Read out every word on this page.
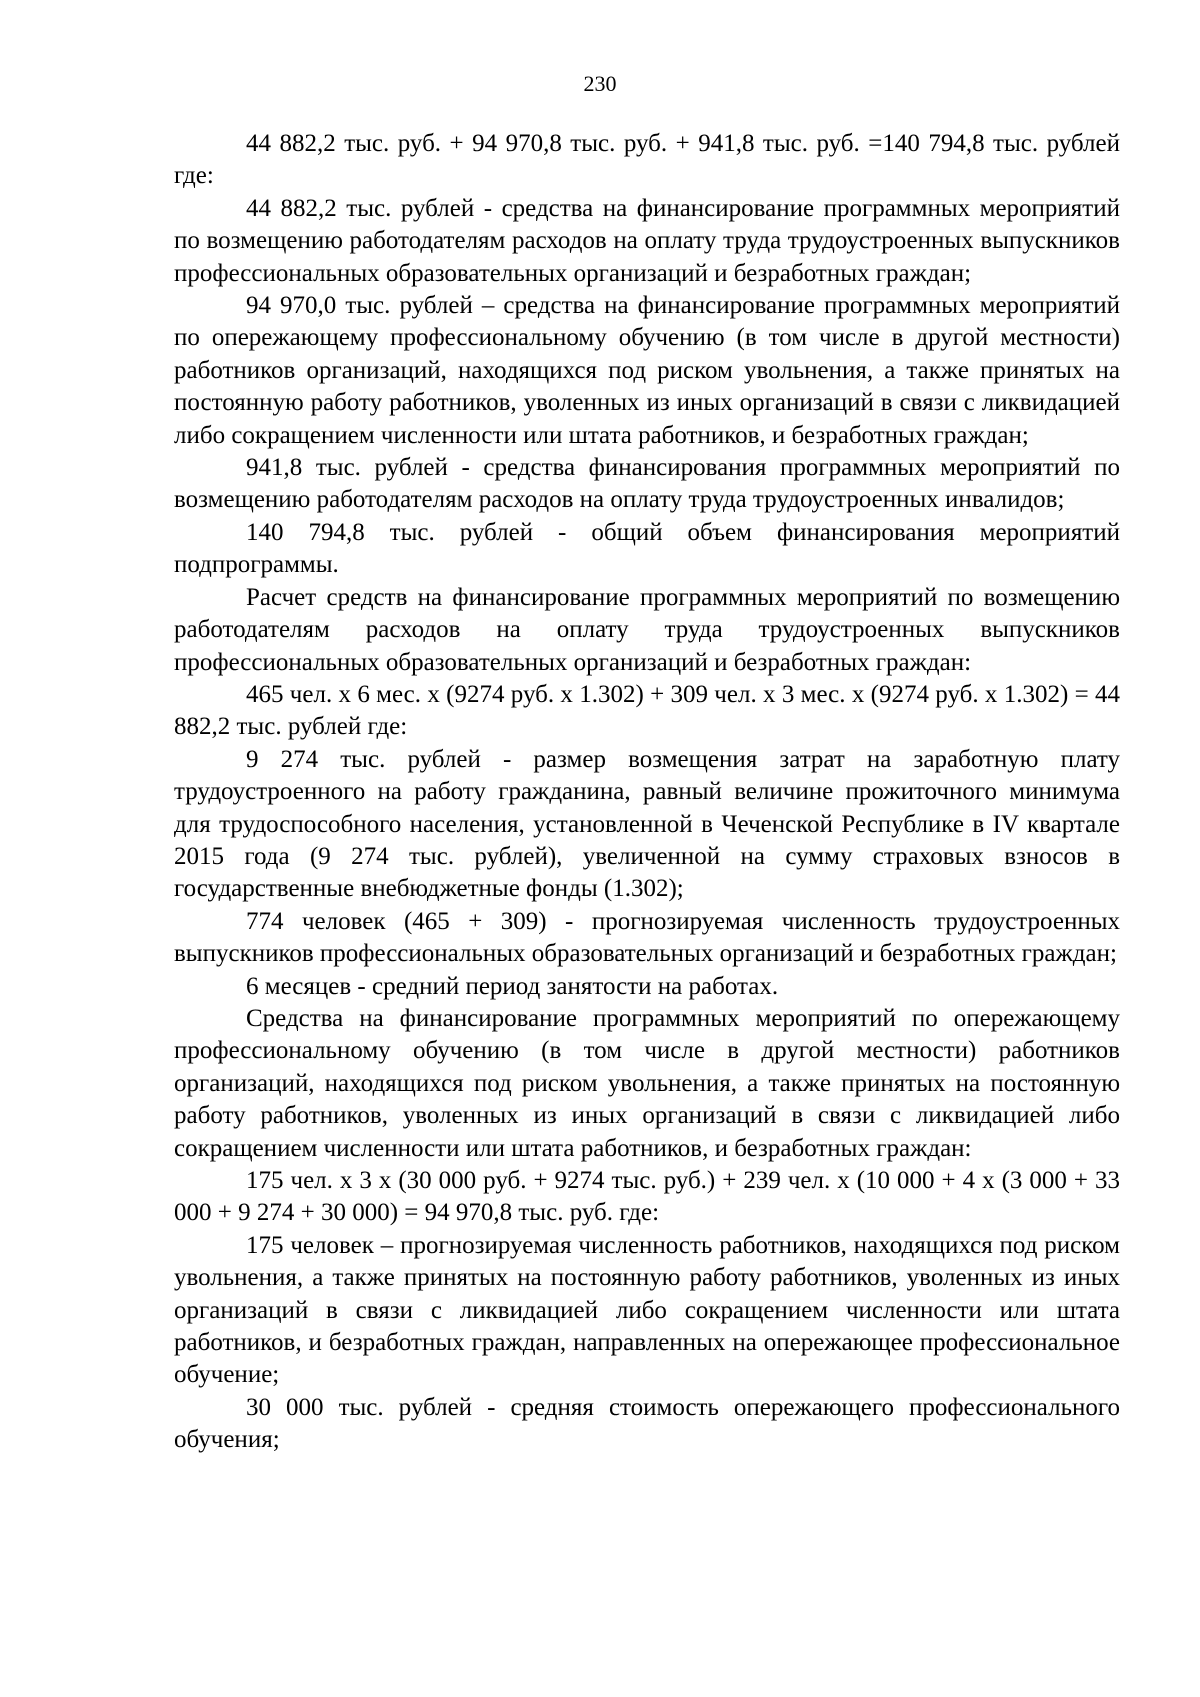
230

44 882,2 тыс. руб. + 94 970,8 тыс. руб. + 941,8 тыс. руб. =140 794,8 тыс. рублей где:

44 882,2 тыс. рублей - средства на финансирование программных мероприятий по возмещению работодателям расходов на оплату труда трудоустроенных выпускников профессиональных образовательных организаций и безработных граждан;

94 970,0 тыс. рублей – средства на финансирование программных мероприятий по опережающему профессиональному обучению (в том числе в другой местности) работников организаций, находящихся под риском увольнения, а также принятых на постоянную работу работников, уволенных из иных организаций в связи с ликвидацией либо сокращением численности или штата работников, и безработных граждан;

941,8 тыс. рублей - средства финансирования программных мероприятий по возмещению работодателям расходов на оплату труда трудоустроенных инвалидов;

140 794,8 тыс. рублей - общий объем финансирования мероприятий подпрограммы.

Расчет средств на финансирование программных мероприятий по возмещению работодателям расходов на оплату труда трудоустроенных выпускников профессиональных образовательных организаций и безработных граждан:

465 чел. x 6 мес. x (9274 руб. x 1.302) + 309 чел. x 3 мес. x (9274 руб. x 1.302) = 44 882,2 тыс. рублей где:

9 274 тыс. рублей - размер возмещения затрат на заработную плату трудоустроенного на работу гражданина, равный величине прожиточного минимума для трудоспособного населения, установленной в Чеченской Республике в IV квартале 2015 года (9 274 тыс. рублей), увеличенной на сумму страховых взносов в государственные внебюджетные фонды (1.302);

774 человек (465 + 309) - прогнозируемая численность трудоустроенных выпускников профессиональных образовательных организаций и безработных граждан;

6 месяцев - средний период занятости на работах.

Средства на финансирование программных мероприятий по опережающему профессиональному обучению (в том числе в другой местности) работников организаций, находящихся под риском увольнения, а также принятых на постоянную работу работников, уволенных из иных организаций в связи с ликвидацией либо сокращением численности или штата работников, и безработных граждан:

175 чел. x 3 x (30 000 руб. + 9274 тыс. руб.) + 239 чел. x (10 000 + 4 x (3 000 + 33 000 + 9 274 + 30 000) = 94 970,8 тыс. руб. где:

175 человек – прогнозируемая численность работников, находящихся под риском увольнения, а также принятых на постоянную работу работников, уволенных из иных организаций в связи с ликвидацией либо сокращением численности или штата работников, и безработных граждан, направленных на опережающее профессиональное обучение;

30 000 тыс. рублей - средняя стоимость опережающего профессионального обучения;
